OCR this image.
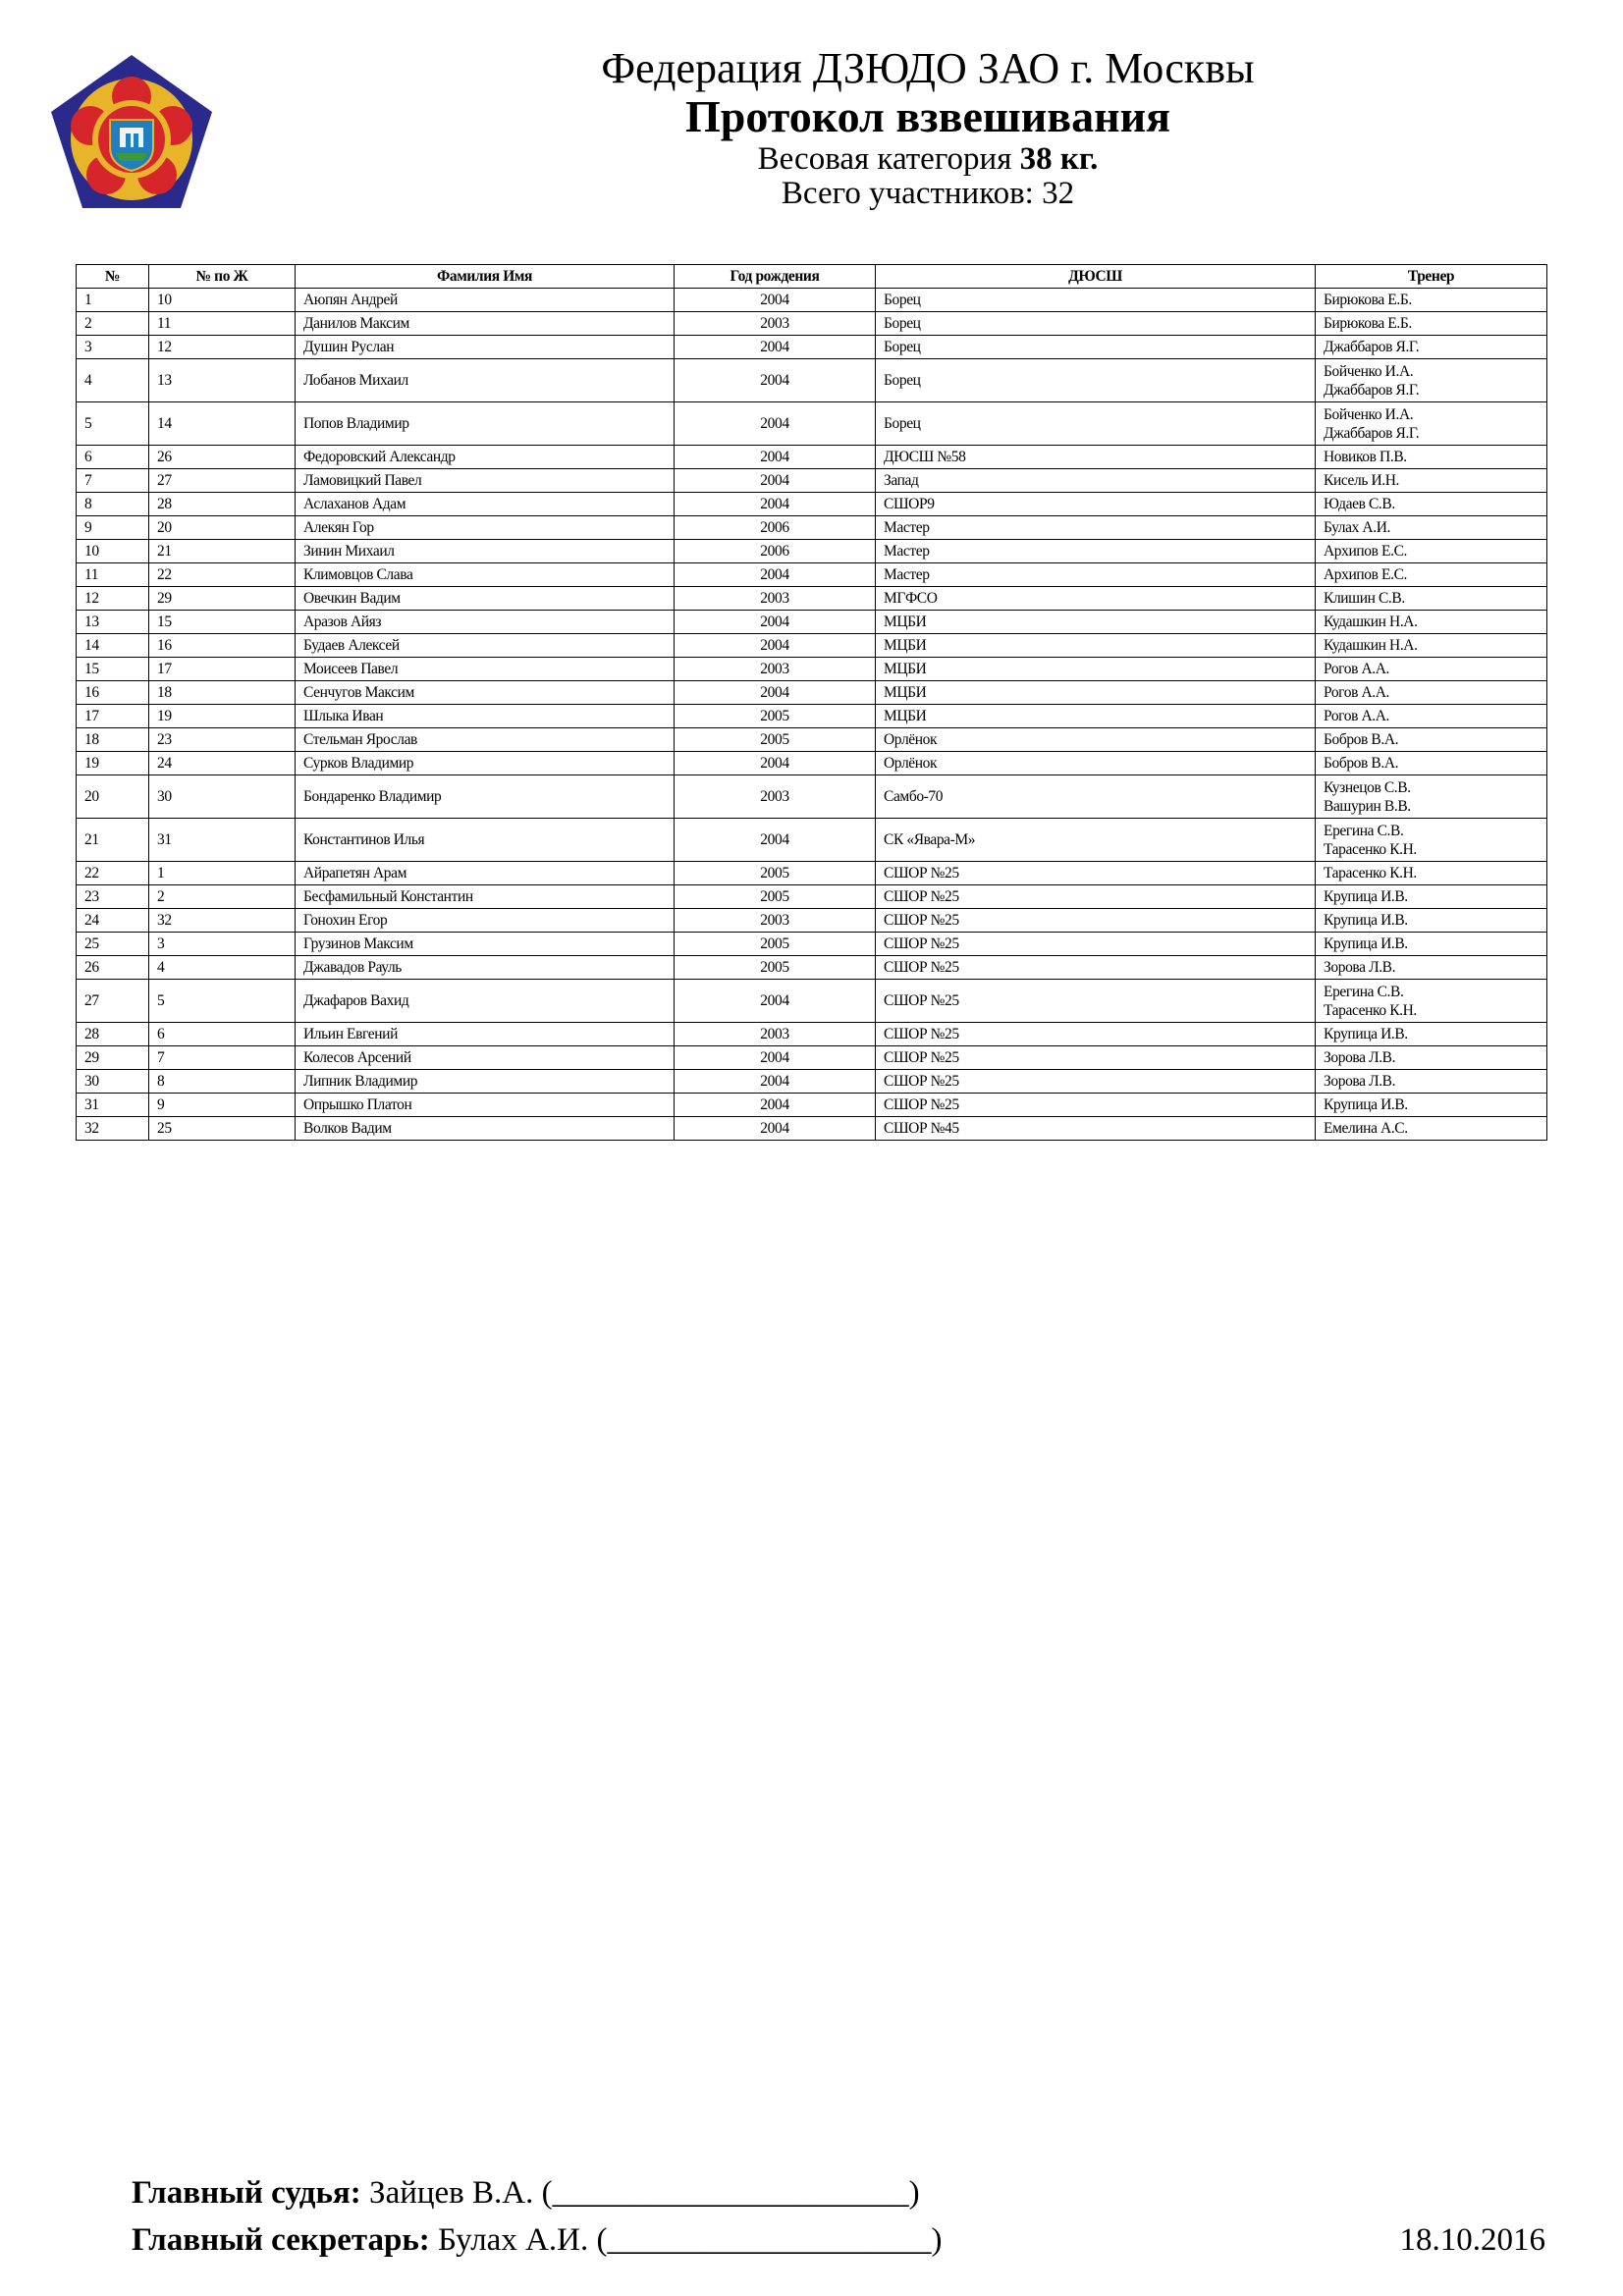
Федерация ДЗЮДО ЗАО г. Москвы
Протокол взвешивания
Весовая категория 38 кг.
Всего участников: 32
№	№ по Ж	Фамилия Имя	Год рождения	ДЮСШ	Тренер
1	10	Аюпян Андрей	2004	Борец	Бирюкова Е.Б.

2	11	Данилов Максим	2003	Борец	Бирюкова Е.Б.

3	12	Душин Руслан	2004	Борец	Джаббаров Я.Г.

4	13	Лобанов Михаил	2004	Борец	Бойченко И.А.
Джаббаров Я.Г.

5	14	Попов Владимир	2004	Борец	Бойченко И.А.
Джаббаров Я.Г.

6	26	Федоровский Александр	2004	ДЮСШ №58	Новиков П.В.

7	27	Ламовицкий Павел	2004	Запад	Кисель И.Н.

8	28	Аслаханов Адам	2004	СШОР9	Юдаев С.В.

9	20	Алекян Гор	2006	Мастер	Булах А.И.

10	21	Зинин Михаил	2006	Мастер	Архипов Е.С.

11	22	Климовцов Слава	2004	Мастер	Архипов Е.С.

12	29	Овечкин Вадим	2003	МГФСО	Клишин С.В.

13	15	Аразов Айяз	2004	МЦБИ	Кудашкин Н.А.

14	16	Будаев Алексей	2004	МЦБИ	Кудашкин Н.А.

15	17	Моисеев Павел	2003	МЦБИ	Рогов А.А.

16	18	Сенчугов Максим	2004	МЦБИ	Рогов А.А.

17	19	Шлыка Иван	2005	МЦБИ	Рогов А.А.

18	23	Стельман Ярослав	2005	Орлёнок	Бобров В.А.

19	24	Сурков Владимир	2004	Орлёнок	Бобров В.А.

20	30	Бондаренко Владимир	2003	Самбо-70	Кузнецов С.В.
Вашурин В.В.

21	31	Константинов Илья	2004	СК «Явара-М»	Ерегина С.В.
Тарасенко К.Н.

22	1	Айрапетян Арам	2005	СШОР №25	Тарасенко К.Н.

23	2	Бесфамильный Константин	2005	СШОР №25	Крупица И.В.

24	32	Гонохин Егор	2003	СШОР №25	Крупица И.В.

25	3	Грузинов Максим	2005	СШОР №25	Крупица И.В.

26	4	Джавадов Рауль	2005	СШОР №25	Зорова Л.В.

27	5	Джафаров Вахид	2004	СШОР №25	Ерегина С.В.
Тарасенко К.Н.

28	6	Ильин Евгений	2003	СШОР №25	Крупица И.В.

29	7	Колесов Арсений	2004	СШОР №25	Зорова Л.В.

30	8	Липник Владимир	2004	СШОР №25	Зорова Л.В.

31	9	Опрышко Платон	2004	СШОР №25	Крупица И.В.

32	25	Волков Вадим	2004	СШОР №45	Емелина А.С.
Главный судья: Зайцев В.А. (______________________)
Главный секретарь: Булах А.И. (____________________)	18.10.2016
